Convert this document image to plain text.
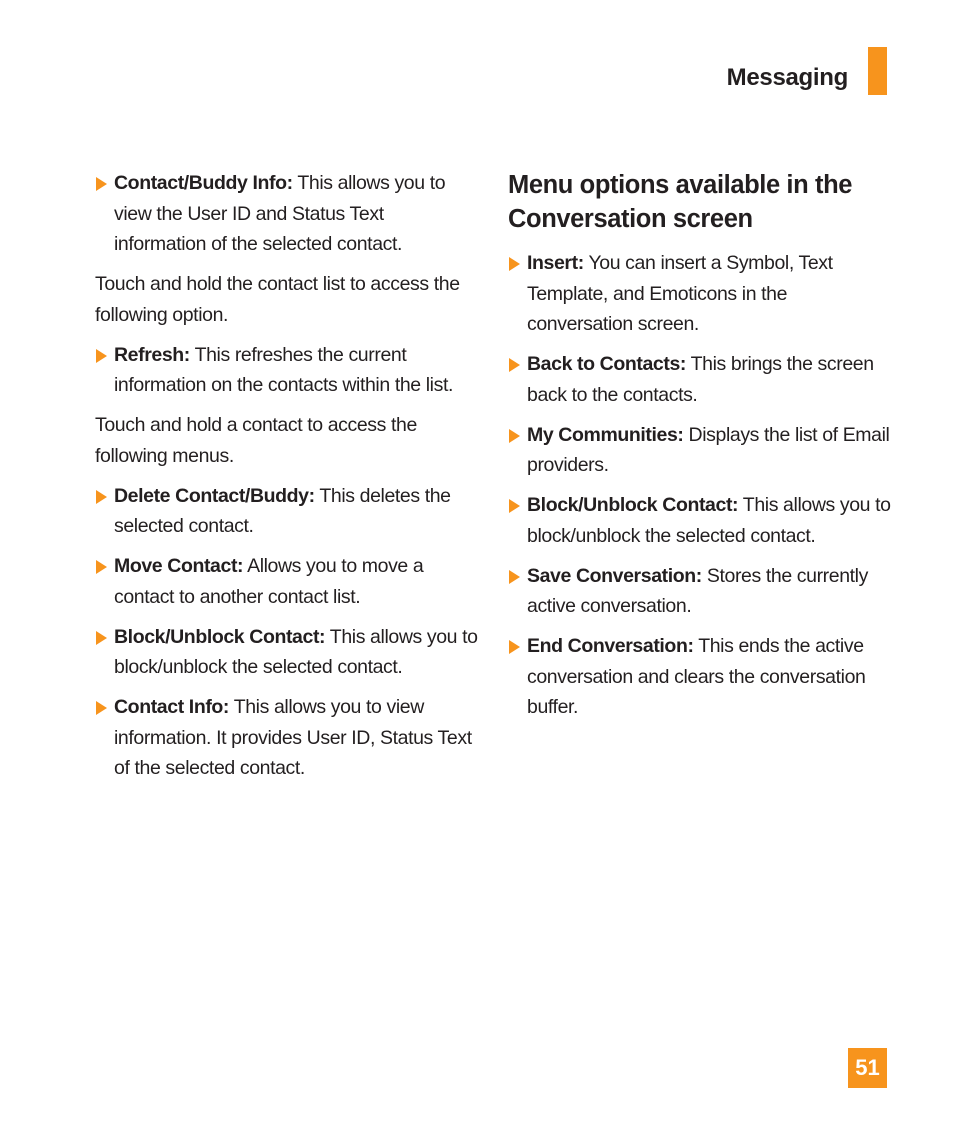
Messaging
Contact/Buddy Info: This allows you to view the User ID and Status Text information of the selected contact.
Touch and hold the contact list to access the following option.
Refresh: This refreshes the current information on the contacts within the list.
Touch and hold a contact to access the following menus.
Delete Contact/Buddy: This deletes the selected contact.
Move Contact: Allows you to move a contact to another contact list.
Block/Unblock Contact: This allows you to block/unblock the selected contact.
Contact Info: This allows you to view information. It provides User ID, Status Text of the selected contact.
Menu options available in the Conversation screen
Insert: You can insert a Symbol, Text Template, and Emoticons in the conversation screen.
Back to Contacts: This brings the screen back to the contacts.
My Communities: Displays the list of Email providers.
Block/Unblock Contact: This allows you to block/unblock the selected contact.
Save Conversation: Stores the currently active conversation.
End Conversation: This ends the active conversation and clears the conversation buffer.
51
